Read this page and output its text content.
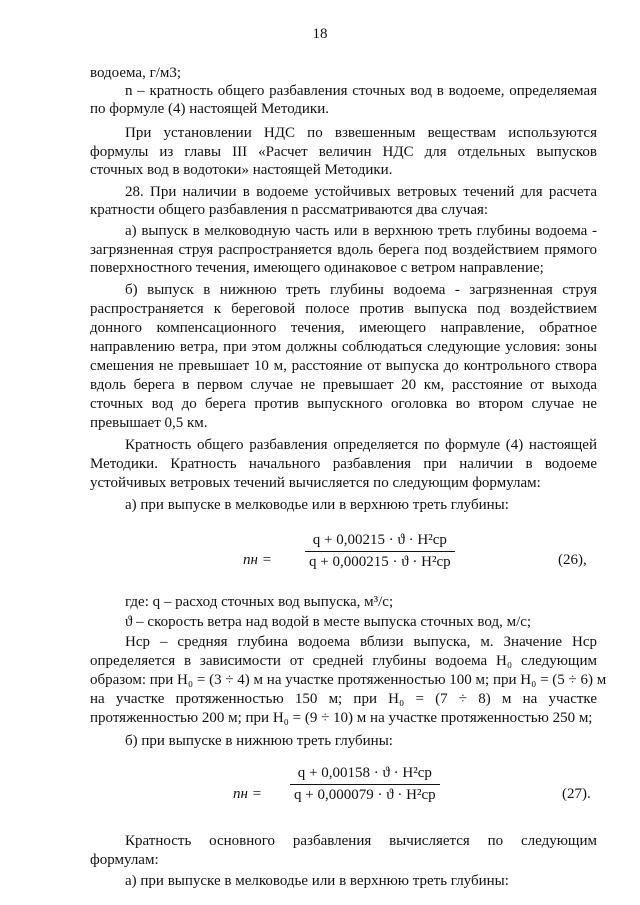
18
водоема, г/м3;
n – кратность общего разбавления сточных вод в водоеме, определяемая
по формуле (4) настоящей Методики.
При установлении НДС по взвешенным веществам используются
формулы из главы III «Расчет величин НДС для отдельных выпусков
сточных вод в водотоки» настоящей Методики.
28. При наличии в водоеме устойчивых ветровых течений для расчета
кратности общего разбавления n рассматриваются два случая:
а) выпуск в мелководную часть или в верхнюю треть глубины водоема -
загрязненная струя распространяется вдоль берега под воздействием прямого
поверхностного течения, имеющего одинаковое с ветром направление;
б) выпуск в нижнюю треть глубины водоема - загрязненная струя
распространяется к береговой полосе против выпуска под воздействием
донного компенсационного течения, имеющего направление, обратное
направлению ветра, при этом должны соблюдаться следующие условия: зоны
смешения не превышает 10 м, расстояние от выпуска до контрольного створа
вдоль берега в первом случае не превышает 20 км, расстояние от выхода
сточных вод до берега против выпускного оголовка во втором случае не
превышает 0,5 км.
Кратность общего разбавления определяется по формуле (4) настоящей
Методики. Кратность начального разбавления при наличии в водоеме
устойчивых ветровых течений вычисляется по следующим формулам:
а) при выпуске в мелководье или в верхнюю треть глубины:
nн =
q + 0,00215 · ϑ · H²ср
q + 0,000215 · ϑ · H²ср	(26),
где: q – расход сточных вод выпуска, м³/с;
ϑ – скорость ветра над водой в месте выпуска сточных вод, м/с;
Hср – средняя глубина водоема вблизи выпуска, м. Значение Hср
определяется в зависимости от средней глубины водоема H₀ следующим
образом: при H₀ = (3 ÷ 4) м на участке протяженностью 100 м; при H₀ = (5 ÷ 6) м
на участке протяженностью 150 м; при H₀ = (7 ÷ 8) м на участке
протяженностью 200 м; при H₀ = (9 ÷ 10) м на участке протяженностью 250 м;
б) при выпуске в нижнюю треть глубины:
nн =
q + 0,00158 · ϑ · H²ср
q + 0,000079 · ϑ · H²ср	(27).
Кратность основного разбавления вычисляется по следующим
формулам:
а) при выпуске в мелководье или в верхнюю треть глубины:
